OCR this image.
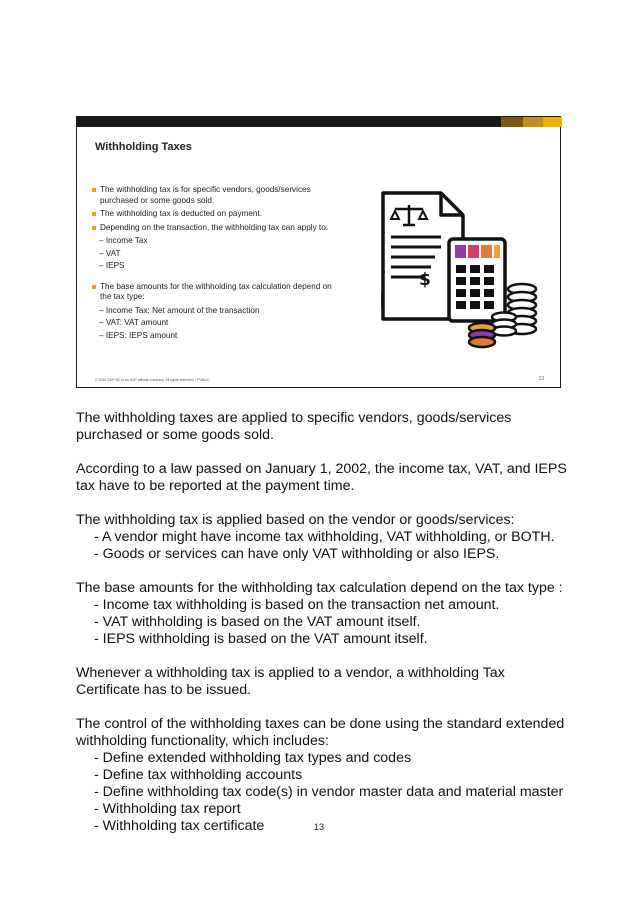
Withholding Taxes
The withholding tax is for specific vendors, goods/services
purchased or some goods sold.
The withholding tax is deducted on payment.
Depending on the transaction, the withholding tax can apply to:
– Income Tax
– VAT
– IEPS
The base amounts for the withholding tax calculation depend on
the tax type:
– Income Tax: Net amount of the transaction
– VAT: VAT amount
– IEPS: IEPS amount
$
© 2016 SAP SE or an SAP affiliate company. All rights reserved. ǀ PUBLIC	13
The withholding taxes are applied to specific vendors, goods/services
purchased or some goods sold.
According to a law passed on January 1, 2002, the income tax, VAT, and IEPS
tax have to be reported at the payment time.
The withholding tax is applied based on the vendor or goods/services:
- A vendor might have income tax withholding, VAT withholding, or BOTH.
- Goods or services can have only VAT withholding or also IEPS.
The base amounts for the withholding tax calculation depend on the tax type :
- Income tax withholding is based on the transaction net amount.
- VAT withholding is based on the VAT amount itself.
- IEPS withholding is based on the VAT amount itself.
Whenever a withholding tax is applied to a vendor, a withholding Tax
Certificate has to be issued.
The control of the withholding taxes can be done using the standard extended
withholding functionality, which includes:
- Define extended withholding tax types and codes
- Define tax withholding accounts
- Define withholding tax code(s) in vendor master data and material master
- Withholding tax report
- Withholding tax certificate	13
